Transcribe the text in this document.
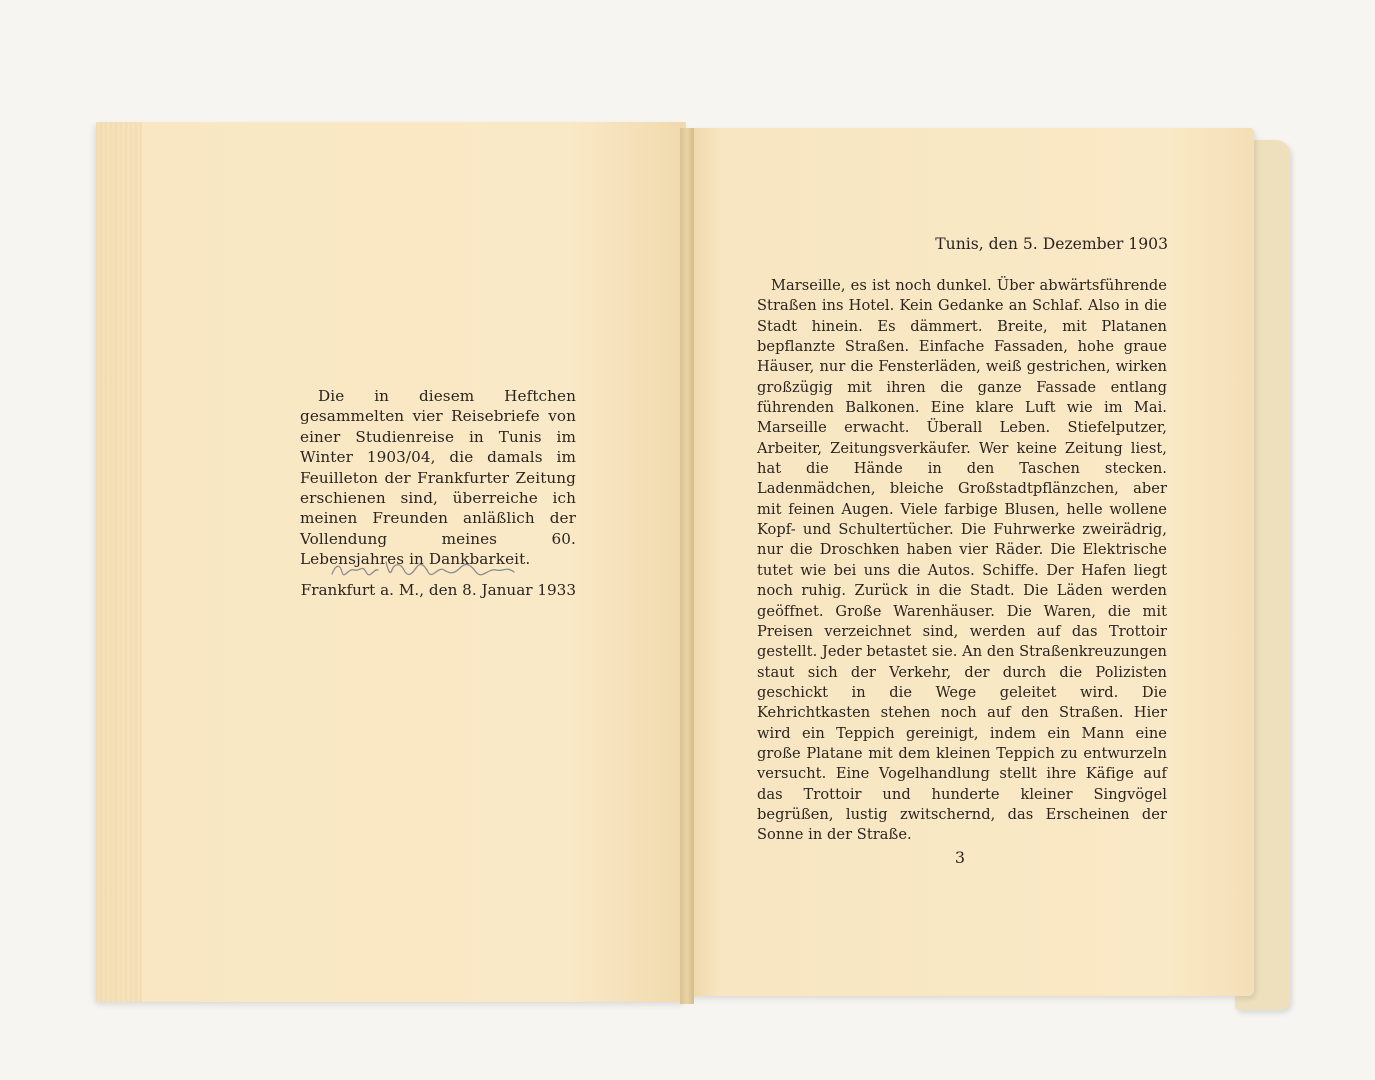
Die in diesem Heftchen gesammelten vier Reisebriefe von einer Studienreise in Tunis im Winter 1903/04, die damals im Feuilleton der Frankfurter Zeitung erschienen sind, überreiche ich meinen Freunden anläßlich der Vollendung meines 60. Lebensjahres in Dankbarkeit.

Frankfurt a. M., den 8. Januar 1933
Tunis, den 5. Dezember 1903

Marseille, es ist noch dunkel. Über abwärtsführende Straßen ins Hotel. Kein Gedanke an Schlaf. Also in die Stadt hinein. Es dämmert. Breite, mit Platanen bepflanzte Straßen. Einfache Fassaden, hohe graue Häuser, nur die Fensterläden, weiß gestrichen, wirken großzügig mit ihren die ganze Fassade entlang führenden Balkonen. Eine klare Luft wie im Mai. Marseille erwacht. Überall Leben. Stiefelputzer, Arbeiter, Zeitungsverkäufer. Wer keine Zeitung liest, hat die Hände in den Taschen stecken. Ladenmädchen, bleiche Großstadtpflänzchen, aber mit feinen Augen. Viele farbige Blusen, helle wollene Kopf- und Schultertücher. Die Fuhrwerke zweirädrig, nur die Droschken haben vier Räder. Die Elektrische tutet wie bei uns die Autos. Schiffe. Der Hafen liegt noch ruhig. Zurück in die Stadt. Die Läden werden geöffnet. Große Warenhäuser. Die Waren, die mit Preisen verzeichnet sind, werden auf das Trottoir gestellt. Jeder betastet sie. An den Straßenkreuzungen staut sich der Verkehr, der durch die Polizisten geschickt in die Wege geleitet wird. Die Kehrichtkasten stehen noch auf den Straßen. Hier wird ein Teppich gereinigt, indem ein Mann eine große Platane mit dem kleinen Teppich zu entwurzeln versucht. Eine Vogelhandlung stellt ihre Käfige auf das Trottoir und hunderte kleiner Singvögel begrüßen, lustig zwitschernd, das Erscheinen der Sonne in der Straße.

3
